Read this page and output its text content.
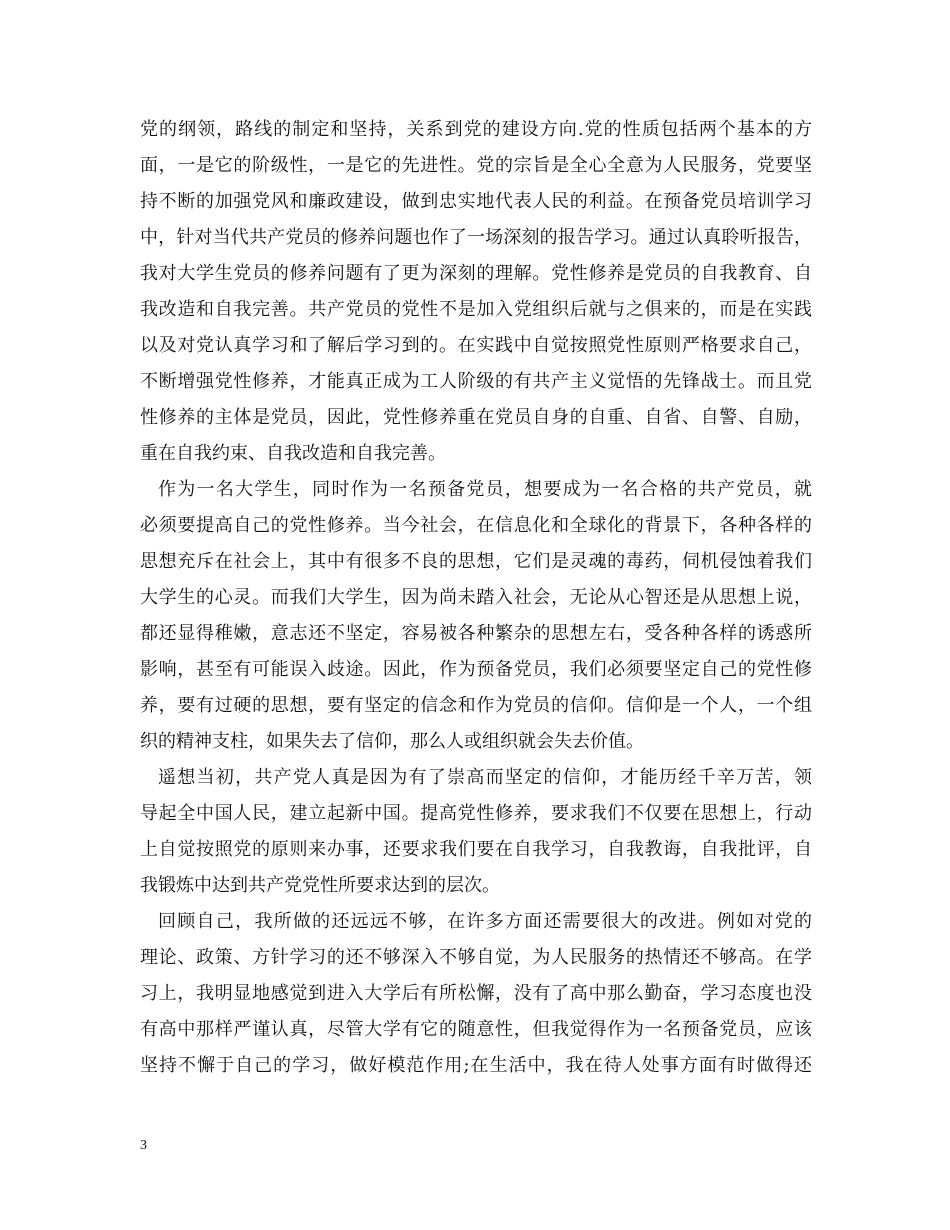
党的纲领，路线的制定和坚持，关系到党的建设方向.党的性质包括两个基本的方
面，一是它的阶级性，一是它的先进性。党的宗旨是全心全意为人民服务，党要坚
持不断的加强党风和廉政建设，做到忠实地代表人民的利益。在预备党员培训学习
中，针对当代共产党员的修养问题也作了一场深刻的报告学习。通过认真聆听报告，
我对大学生党员的修养问题有了更为深刻的理解。党性修养是党员的自我教育、自
我改造和自我完善。共产党员的党性不是加入党组织后就与之俱来的，而是在实践
以及对党认真学习和了解后学习到的。在实践中自觉按照党性原则严格要求自己，
不断增强党性修养，才能真正成为工人阶级的有共产主义觉悟的先锋战士。而且党
性修养的主体是党员，因此，党性修养重在党员自身的自重、自省、自警、自励，
重在自我约束、自我改造和自我完善。
作为一名大学生，同时作为一名预备党员，想要成为一名合格的共产党员，就
必须要提高自己的党性修养。当今社会，在信息化和全球化的背景下，各种各样的
思想充斥在社会上，其中有很多不良的思想，它们是灵魂的毒药，伺机侵蚀着我们
大学生的心灵。而我们大学生，因为尚未踏入社会，无论从心智还是从思想上说，
都还显得稚嫩，意志还不坚定，容易被各种繁杂的思想左右，受各种各样的诱惑所
影响，甚至有可能误入歧途。因此，作为预备党员，我们必须要坚定自己的党性修
养，要有过硬的思想，要有坚定的信念和作为党员的信仰。信仰是一个人，一个组
织的精神支柱，如果失去了信仰，那么人或组织就会失去价值。
遥想当初，共产党人真是因为有了崇高而坚定的信仰，才能历经千辛万苦，领
导起全中国人民，建立起新中国。提高党性修养，要求我们不仅要在思想上，行动
上自觉按照党的原则来办事，还要求我们要在自我学习，自我教诲，自我批评，自
我锻炼中达到共产党党性所要求达到的层次。
回顾自己，我所做的还远远不够，在许多方面还需要很大的改进。例如对党的
理论、政策、方针学习的还不够深入不够自觉，为人民服务的热情还不够高。在学
习上，我明显地感觉到进入大学后有所松懈，没有了高中那么勤奋，学习态度也没
有高中那样严谨认真，尽管大学有它的随意性，但我觉得作为一名预备党员，应该
坚持不懈于自己的学习，做好模范作用;在生活中，我在待人处事方面有时做得还
3
